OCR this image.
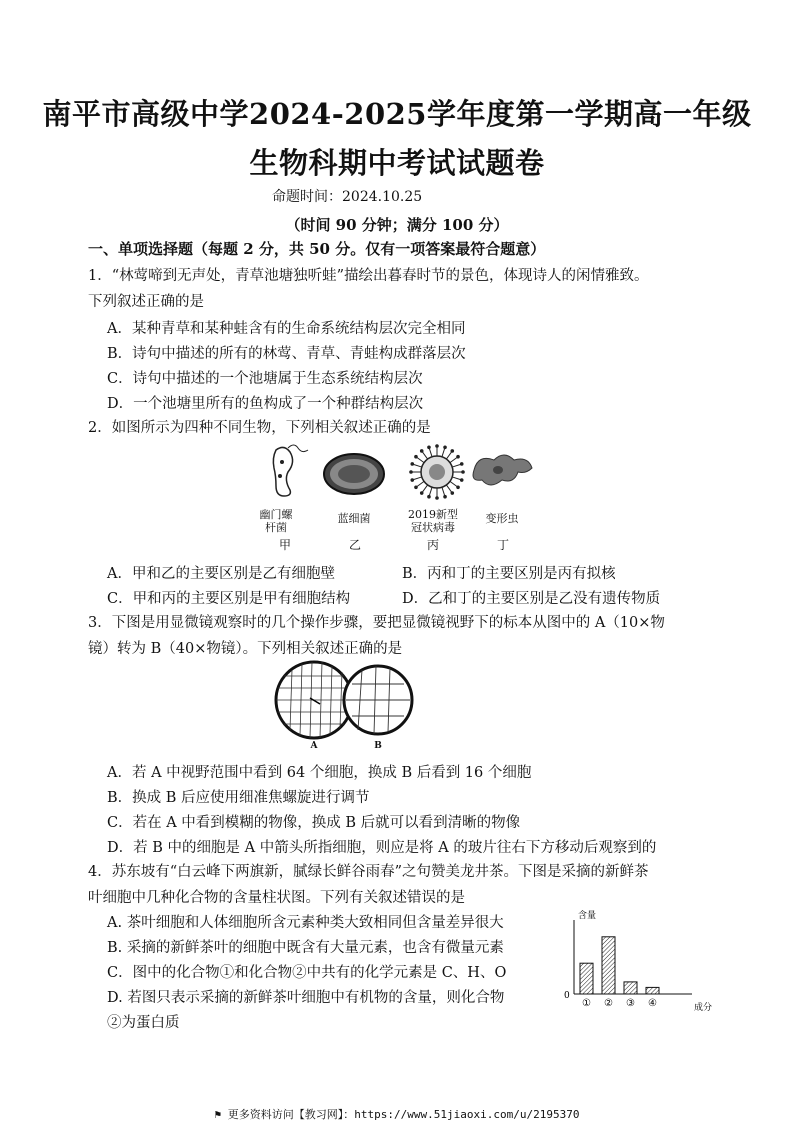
南平市高级中学2024-2025学年度第一学期高一年级
生物科期中考试试题卷
命题时间：2024.10.25
（时间 90 分钟；满分 100 分）
一、单项选择题（每题 2 分，共 50 分。仅有一项答案最符合题意）
1．“林莺啼到无声处，青草池塘独听蛙”描绘出暮春时节的景色，体现诗人的闲情雅致。
下列叙述正确的是
A．某种青草和某种蛙含有的生命系统结构层次完全相同
B．诗句中描述的所有的林莺、青草、青蛙构成群落层次
C．诗句中描述的一个池塘属于生态系统结构层次
D．一个池塘里所有的鱼构成了一个种群结构层次
2．如图所示为四种不同生物，下列相关叙述正确的是
幽门螺杆菌
蓝细菌	2019新型冠状病毒
变形虫
甲	乙	丙	丁
A．甲和乙的主要区别是乙有细胞壁	B．丙和丁的主要区别是丙有拟核
C．甲和丙的主要区别是甲有细胞结构	D．乙和丁的主要区别是乙没有遗传物质
3．下图是用显微镜观察时的几个操作步骤，要把显微镜视野下的标本从图中的 A（10×物
镜）转为 B（40×物镜）。下列相关叙述正确的是
A	B
A．若 A 中视野范围中看到 64 个细胞，换成 B 后看到 16 个细胞
B．换成 B 后应使用细准焦螺旋进行调节
C．若在 A 中看到模糊的物像，换成 B 后就可以看到清晰的物像
D．若 B 中的细胞是 A 中箭头所指细胞，则应是将 A 的玻片往右下方移动后观察到的
4．苏东坡有“白云峰下两旗新，腻绿长鲜谷雨春”之句赞美龙井茶。下图是采摘的新鲜茶
叶细胞中几种化合物的含量柱状图。下列有关叙述错误的是
A. 茶叶细胞和人体细胞所含元素种类大致相同但含量差异很大
B. 采摘的新鲜茶叶的细胞中既含有大量元素，也含有微量元素
C．图中的化合物①和化合物②中共有的化学元素是 C、H、O
D. 若图只表示采摘的新鲜茶叶细胞中有机物的含量，则化合物
②为蛋白质
含量
0
成分
① ② ③ ④
⚑ 更多资料访问【教习网】：https://www.51jiaoxi.com/u/2195370
